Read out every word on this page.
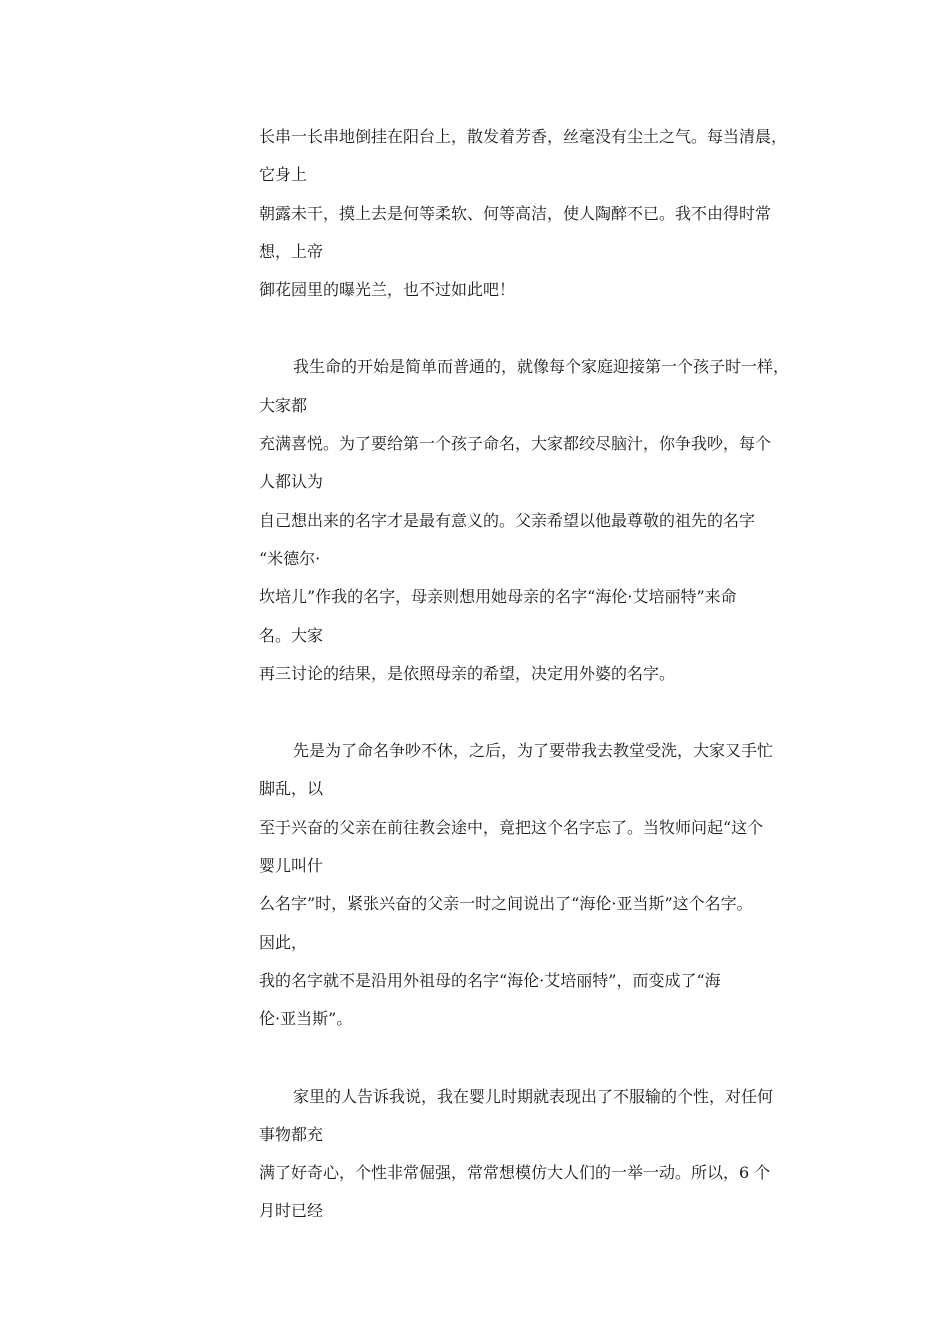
长串一长串地倒挂在阳台上，散发着芳香，丝毫没有尘土之气。每当清晨，
它身上
朝露未干，摸上去是何等柔软、何等高洁，使人陶醉不已。我不由得时常
想，上帝
御花园里的曝光兰，也不过如此吧！
我生命的开始是简单而普通的，就像每个家庭迎接第一个孩子时一样，
大家都
充满喜悦。为了要给第一个孩子命名，大家都绞尽脑汁，你争我吵，每个
人都认为
自己想出来的名字才是最有意义的。父亲希望以他最尊敬的祖先的名字
“米德尔·
坎培儿”作我的名字，母亲则想用她母亲的名字“海伦·艾培丽特”来命
名。大家
再三讨论的结果，是依照母亲的希望，决定用外婆的名字。
先是为了命名争吵不休，之后，为了要带我去教堂受洗，大家又手忙
脚乱，以
至于兴奋的父亲在前往教会途中，竟把这个名字忘了。当牧师问起“这个
婴儿叫什
么名字”时，紧张兴奋的父亲一时之间说出了“海伦·亚当斯”这个名字。
因此，
我的名字就不是沿用外祖母的名字“海伦·艾培丽特”，而变成了“海
伦·亚当斯”。
家里的人告诉我说，我在婴儿时期就表现出了不服输的个性，对任何
事物都充
满了好奇心，个性非常倔强，常常想模仿大人们的一举一动。所以，6 个
月时已经
